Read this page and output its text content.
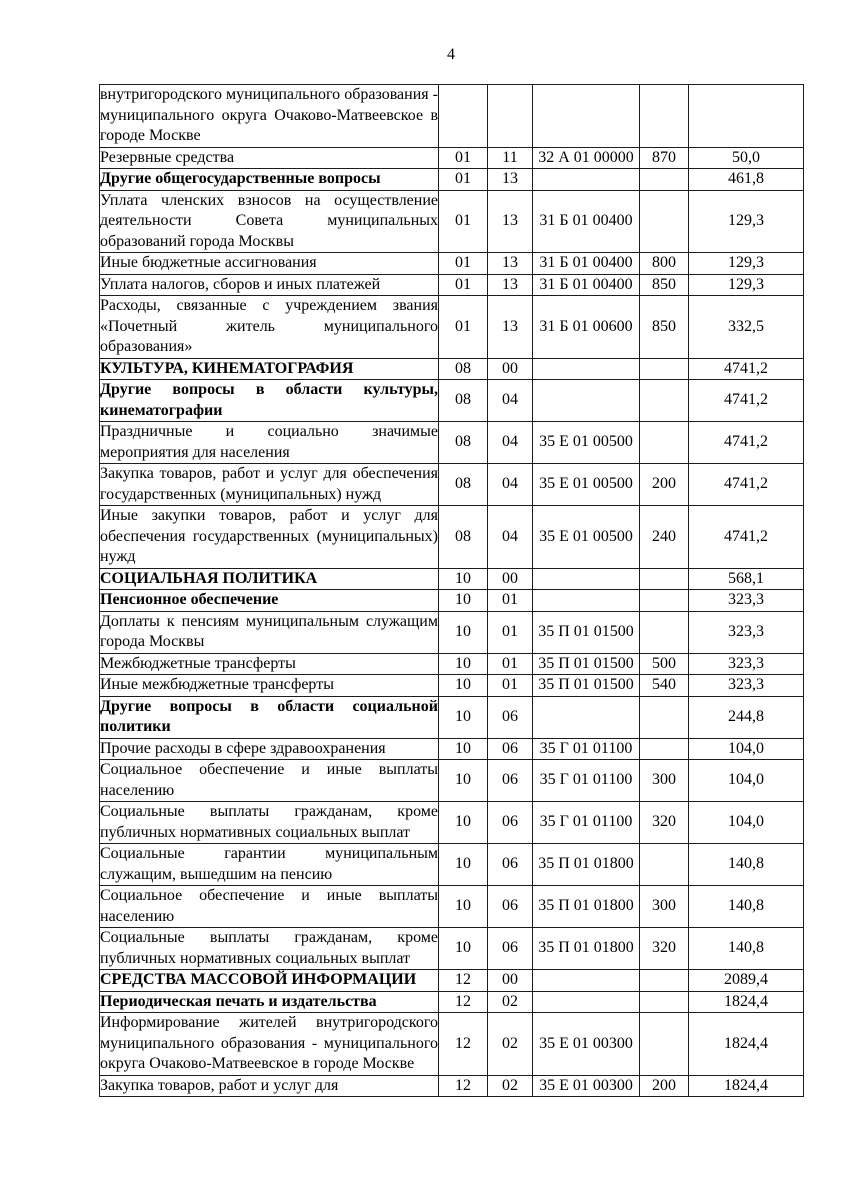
4
внутригородского муниципального образования - муниципального округа Очаково-Матвеевское в городе Москве					
Резервные средства	01	11	32 А 01 00000	870	50,0
Другие общегосударственные вопросы	01	13			461,8
Уплата членских взносов на осуществление деятельности Совета муниципальных образований города Москвы	01	13	31 Б 01 00400		129,3
Иные бюджетные ассигнования	01	13	31 Б 01 00400	800	129,3
Уплата налогов, сборов и иных платежей	01	13	31 Б 01 00400	850	129,3
Расходы, связанные с учреждением звания «Почетный житель муниципального образования»	01	13	31 Б 01 00600	850	332,5
КУЛЬТУРА, КИНЕМАТОГРАФИЯ	08	00			4741,2
Другие вопросы в области культуры, кинематографии	08	04			4741,2
Праздничные и социально значимые мероприятия для населения	08	04	35 Е 01 00500		4741,2
Закупка товаров, работ и услуг для обеспечения государственных (муниципальных) нужд	08	04	35 Е 01 00500	200	4741,2
Иные закупки товаров, работ и услуг для обеспечения государственных (муниципальных) нужд	08	04	35 Е 01 00500	240	4741,2
СОЦИАЛЬНАЯ ПОЛИТИКА	10	00			568,1
Пенсионное обеспечение	10	01			323,3
Доплаты к пенсиям муниципальным служащим города Москвы	10	01	35 П 01 01500		323,3
Межбюджетные трансферты	10	01	35 П 01 01500	500	323,3
Иные межбюджетные трансферты	10	01	35 П 01 01500	540	323,3
Другие вопросы в области социальной политики	10	06			244,8
Прочие расходы в сфере здравоохранения	10	06	35 Г 01 01100		104,0
Социальное обеспечение и иные выплаты населению	10	06	35 Г 01 01100	300	104,0
Социальные выплаты гражданам, кроме публичных нормативных социальных выплат	10	06	35 Г 01 01100	320	104,0
Социальные гарантии муниципальным служащим, вышедшим на пенсию	10	06	35 П 01 01800		140,8
Социальное обеспечение и иные выплаты населению	10	06	35 П 01 01800	300	140,8
Социальные выплаты гражданам, кроме публичных нормативных социальных выплат	10	06	35 П 01 01800	320	140,8
СРЕДСТВА МАССОВОЙ ИНФОРМАЦИИ	12	00			2089,4
Периодическая печать и издательства	12	02			1824,4
Информирование жителей внутригородского муниципального образования - муниципального округа Очаково-Матвеевское в городе Москве	12	02	35 Е 01 00300		1824,4
Закупка товаров, работ и услуг для	12	02	35 Е 01 00300	200	1824,4
